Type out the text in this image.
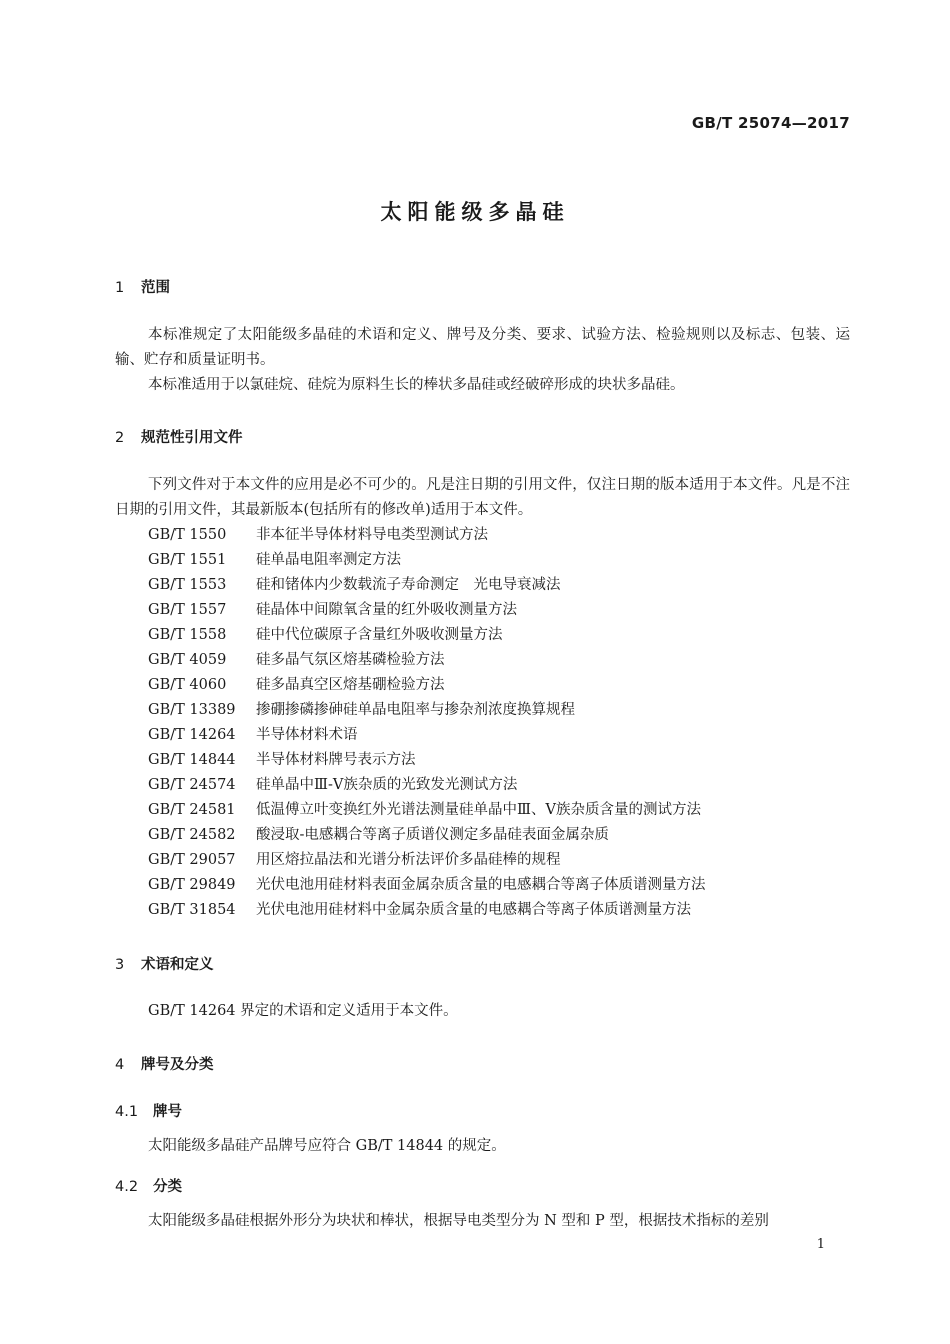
GB/T 25074—2017
太阳能级多晶硅
1 范围
本标准规定了太阳能级多晶硅的术语和定义、牌号及分类、要求、试验方法、检验规则以及标志、包装、运输、贮存和质量证明书。
本标准适用于以氯硅烷、硅烷为原料生长的棒状多晶硅或经破碎形成的块状多晶硅。
2 规范性引用文件
下列文件对于本文件的应用是必不可少的。凡是注日期的引用文件，仅注日期的版本适用于本文件。凡是不注日期的引用文件，其最新版本(包括所有的修改单)适用于本文件。
GB/T 1550 非本征半导体材料导电类型测试方法
GB/T 1551 硅单晶电阻率测定方法
GB/T 1553 硅和锗体内少数载流子寿命测定　光电导衰减法
GB/T 1557 硅晶体中间隙氧含量的红外吸收测量方法
GB/T 1558 硅中代位碳原子含量红外吸收测量方法
GB/T 4059 硅多晶气氛区熔基磷检验方法
GB/T 4060 硅多晶真空区熔基硼检验方法
GB/T 13389 掺硼掺磷掺砷硅单晶电阻率与掺杂剂浓度换算规程
GB/T 14264 半导体材料术语
GB/T 14844 半导体材料牌号表示方法
GB/T 24574 硅单晶中Ⅲ-Ⅴ族杂质的光致发光测试方法
GB/T 24581 低温傅立叶变换红外光谱法测量硅单晶中Ⅲ、Ⅴ族杂质含量的测试方法
GB/T 24582 酸浸取-电感耦合等离子质谱仪测定多晶硅表面金属杂质
GB/T 29057 用区熔拉晶法和光谱分析法评价多晶硅棒的规程
GB/T 29849 光伏电池用硅材料表面金属杂质含量的电感耦合等离子体质谱测量方法
GB/T 31854 光伏电池用硅材料中金属杂质含量的电感耦合等离子体质谱测量方法
3 术语和定义
GB/T 14264 界定的术语和定义适用于本文件。
4 牌号及分类
4.1 牌号
太阳能级多晶硅产品牌号应符合 GB/T 14844 的规定。
4.2 分类
太阳能级多晶硅根据外形分为块状和棒状，根据导电类型分为 N 型和 P 型，根据技术指标的差别
1
